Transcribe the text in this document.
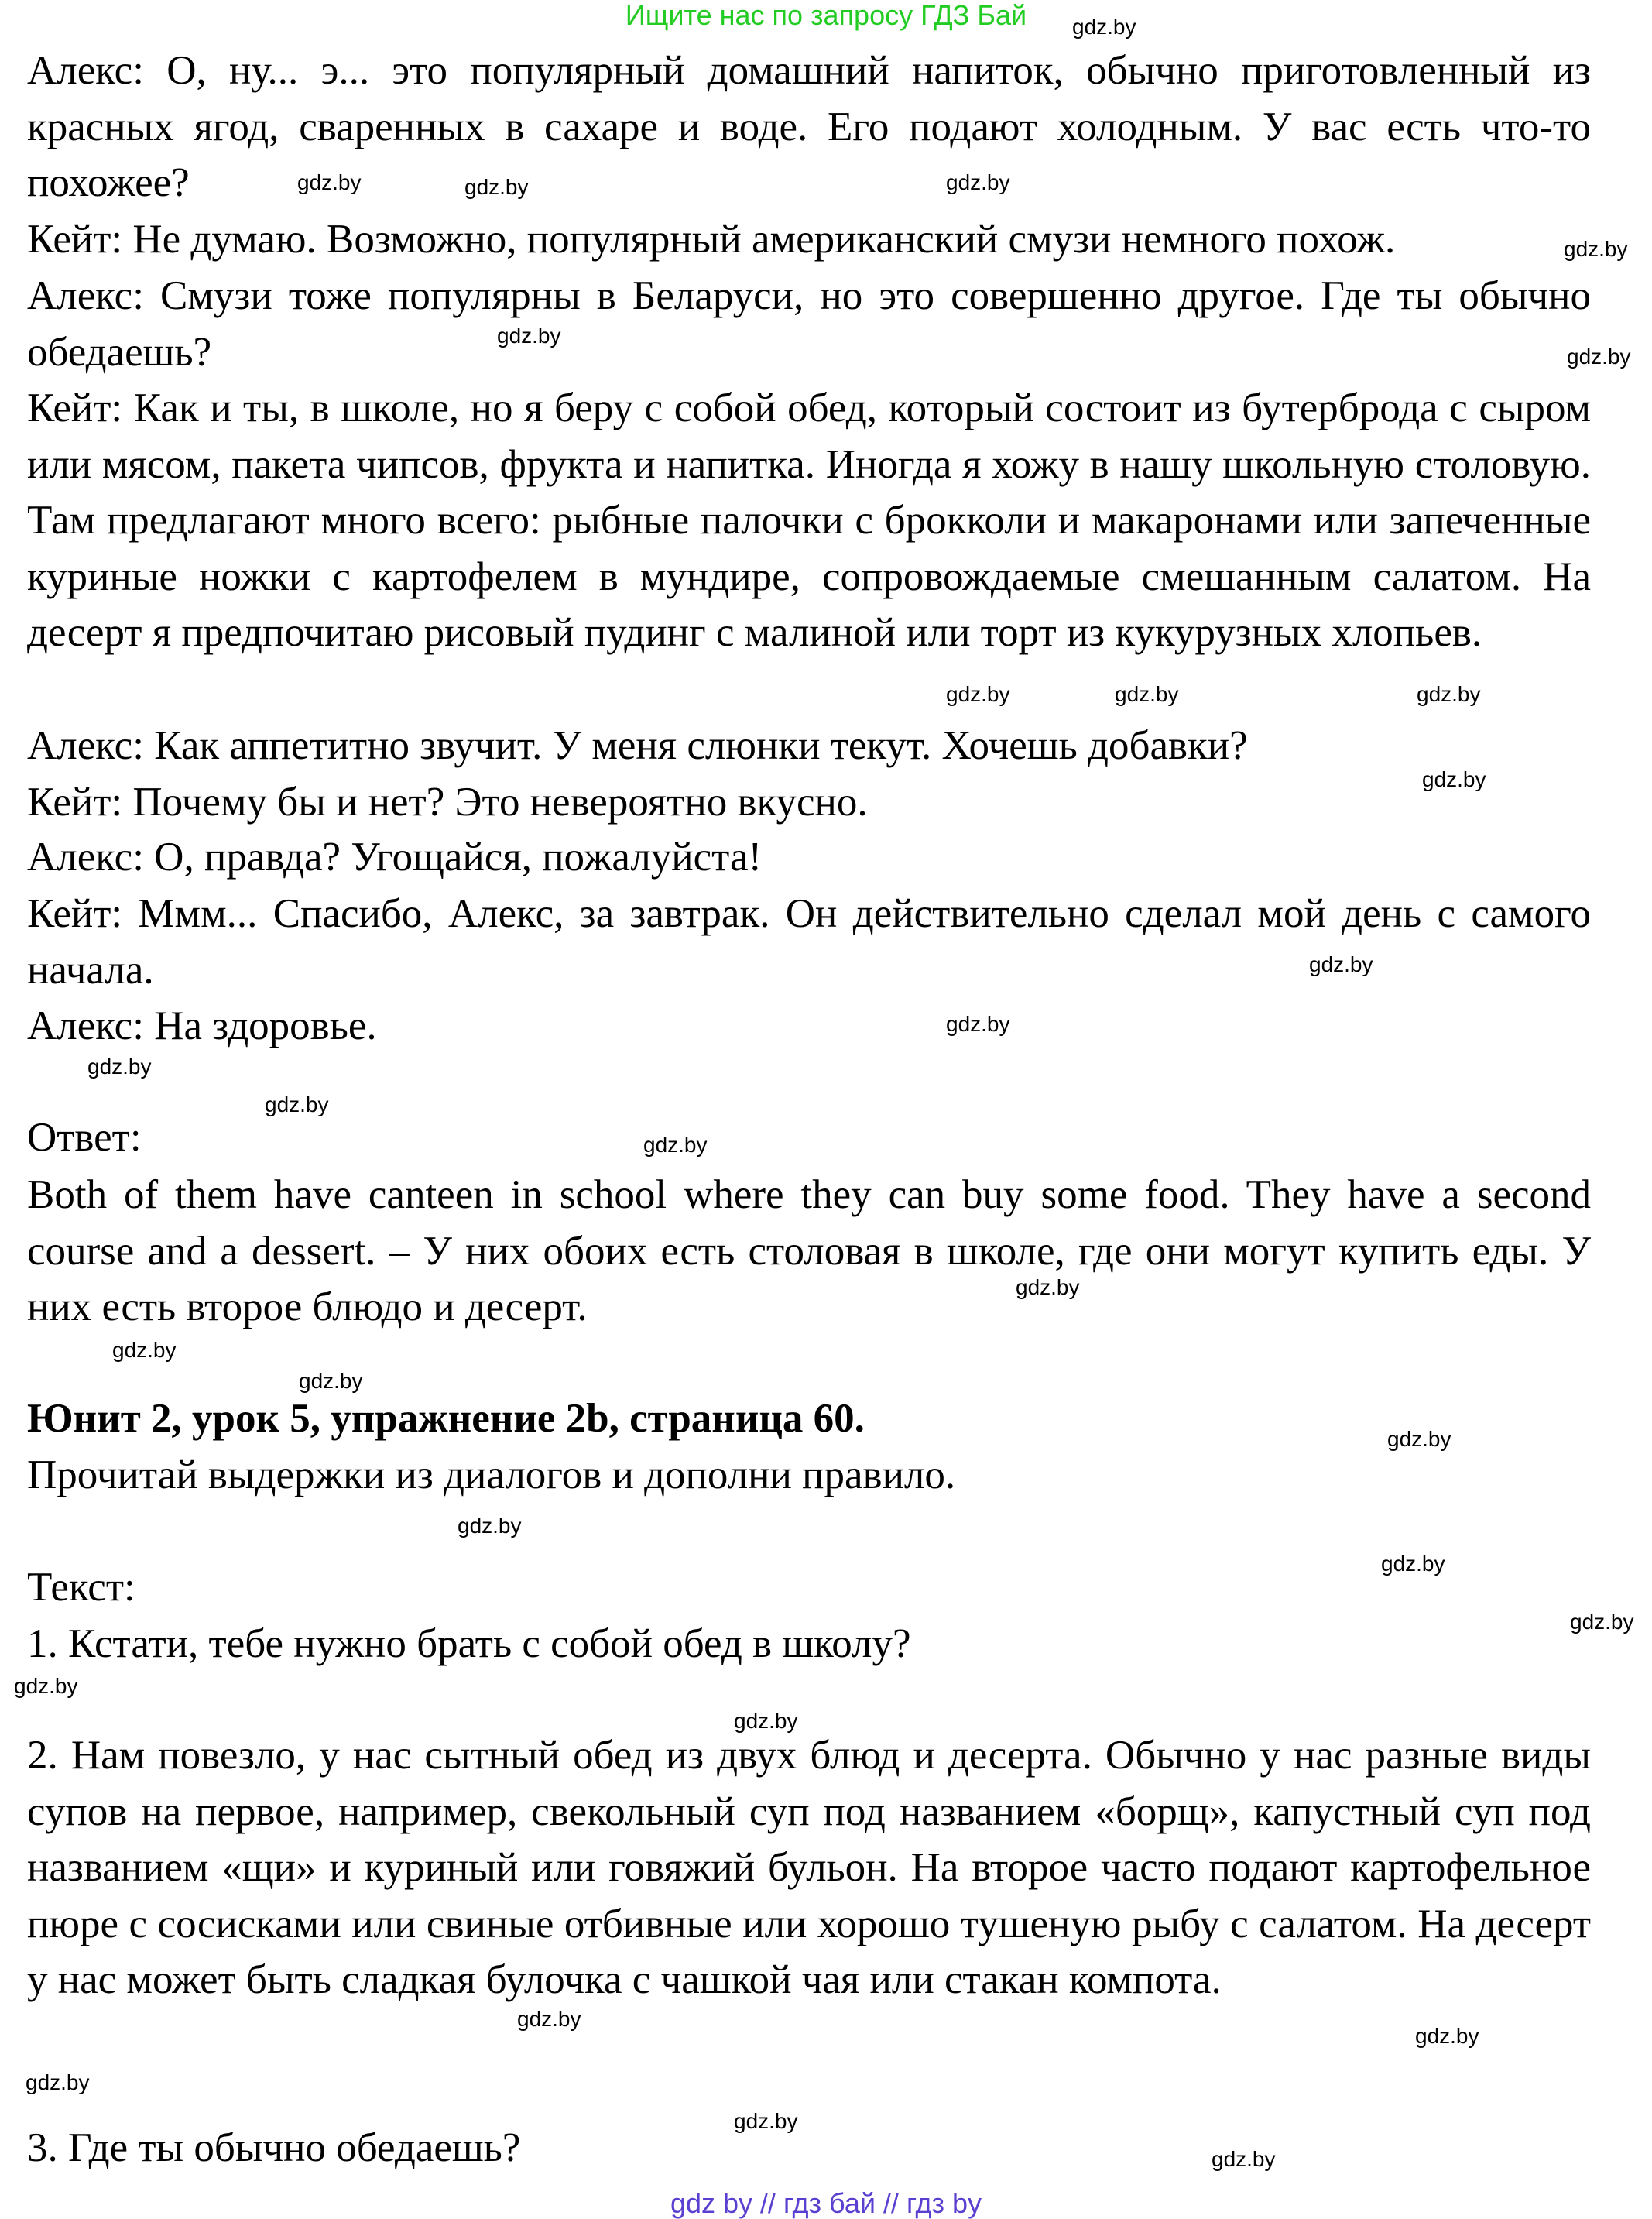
Ищите нас по запросу ГДЗ Бай

Алекс: О, ну... э... это популярный домашний напиток, обычно приготовленный из красных ягод, сваренных в сахаре и воде. Его подают холодным. У вас есть что-то похожее?

Кейт: Не думаю. Возможно, популярный американский смузи немного похож.

Алекс: Смузи тоже популярны в Беларуси, но это совершенно другое. Где ты обычно обедаешь?

Кейт: Как и ты, в школе, но я беру с собой обед, который состоит из бутерброда с сыром или мясом, пакета чипсов, фрукта и напитка. Иногда я хожу в нашу школьную столовую. Там предлагают много всего: рыбные палочки с брокколи и макаронами или запеченные куриные ножки с картофелем в мундире, сопровождаемые смешанным салатом. На десерт я предпочитаю рисовый пудинг с малиной или торт из кукурузных хлопьев.

Алекс: Как аппетитно звучит. У меня слюнки текут. Хочешь добавки?

Кейт: Почему бы и нет? Это невероятно вкусно.

Алекс: О, правда? Угощайся, пожалуйста!

Кейт: Ммм... Спасибо, Алекс, за завтрак. Он действительно сделал мой день с самого начала.

Алекс: На здоровье.

Ответ:

Both of them have canteen in school where they can buy some food. They have a second course and a dessert. – У них обоих есть столовая в школе, где они могут купить еды. У них есть второе блюдо и десерт.

Юнит 2, урок 5, упражнение 2b, страница 60.

Прочитай выдержки из диалогов и дополни правило.

Текст:

1. Кстати, тебе нужно брать с собой обед в школу?

2. Нам повезло, у нас сытный обед из двух блюд и десерта. Обычно у нас разные виды супов на первое, например, свекольный суп под названием «борщ», капустный суп под названием «щи» и куриный или говяжий бульон. На второе часто подают картофельное пюре с сосисками или свиные отбивные или хорошо тушеную рыбу с салатом. На десерт у нас может быть сладкая булочка с чашкой чая или стакан компота.

3. Где ты обычно обедаешь?

gdz.by
gdz.by
gdz.by	gdz.by
gdz.by
gdz.by
gdz.by
gdz.by
gdz.by
gdz.by
gdz.by
gdz.by
gdz.by
gdz.by
gdz.by
gdz.by
gdz.by
gdz.by
gdz.by
gdz.by
gdz.by
gdz.by
gdz.by
gdz.by
gdz.by
gdz.by
gdz.by
gdz.by
gdz.by
gdz.by
gdz by // гдз бай // гдз by
